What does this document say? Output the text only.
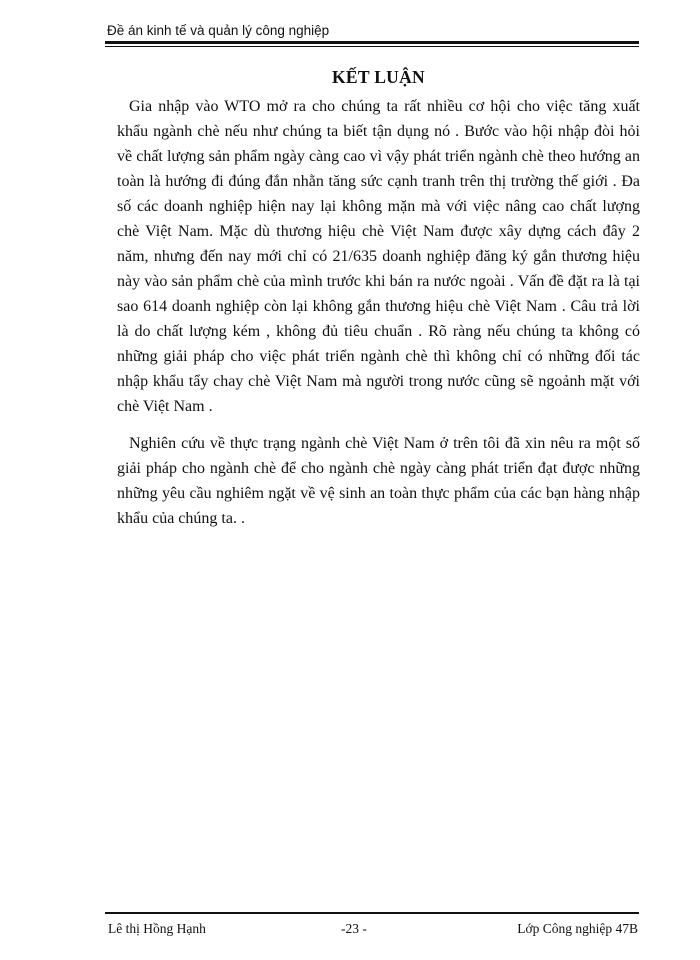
Đề án kinh tế và quản lý công nghiệp
KẾT LUẬN

Gia nhập vào WTO mở ra cho chúng ta rất nhiều cơ hội cho việc tăng xuất khẩu ngành chè nếu như chúng ta biết tận dụng nó . Bước vào hội nhập đòi hỏi về chất lượng sản phẩm ngày càng cao vì vậy phát triển ngành chè theo hướng an toàn là hướng đi đúng đắn nhằn tăng sức cạnh tranh trên thị trường thế giới . Đa số các doanh nghiệp hiện nay lại không mặn mà với việc nâng cao chất lượng chè Việt Nam. Mặc dù thương hiệu chè Việt Nam được xây dựng cách đây 2 năm, nhưng đến nay mới chỉ có 21/635 doanh nghiệp đăng ký gắn thương hiệu này vào sản phẩm chè của mình trước khi bán ra nước ngoài . Vấn đề đặt ra là tại sao 614 doanh nghiệp còn lại không gắn thương hiệu chè Việt Nam . Câu trả lời là do chất lượng kém , không đủ tiêu chuẩn . Rõ ràng nếu chúng ta không có những giải pháp cho việc phát triển ngành chè thì không chỉ có những đối tác nhập khẩu tẩy chay chè Việt Nam mà người trong nước cũng sẽ ngoảnh mặt với chè Việt Nam .

Nghiên cứu về thực trạng ngành chè Việt Nam ở trên tôi đã xin nêu ra một số giải pháp cho ngành chè để cho ngành chè ngày càng phát triển đạt được những những yêu cầu nghiêm ngặt về vệ sinh an toàn thực phẩm của các bạn hàng nhập khẩu của chúng ta. .

Lê thị Hồng Hạnh	-23 -	Lớp Công nghiệp 47B
